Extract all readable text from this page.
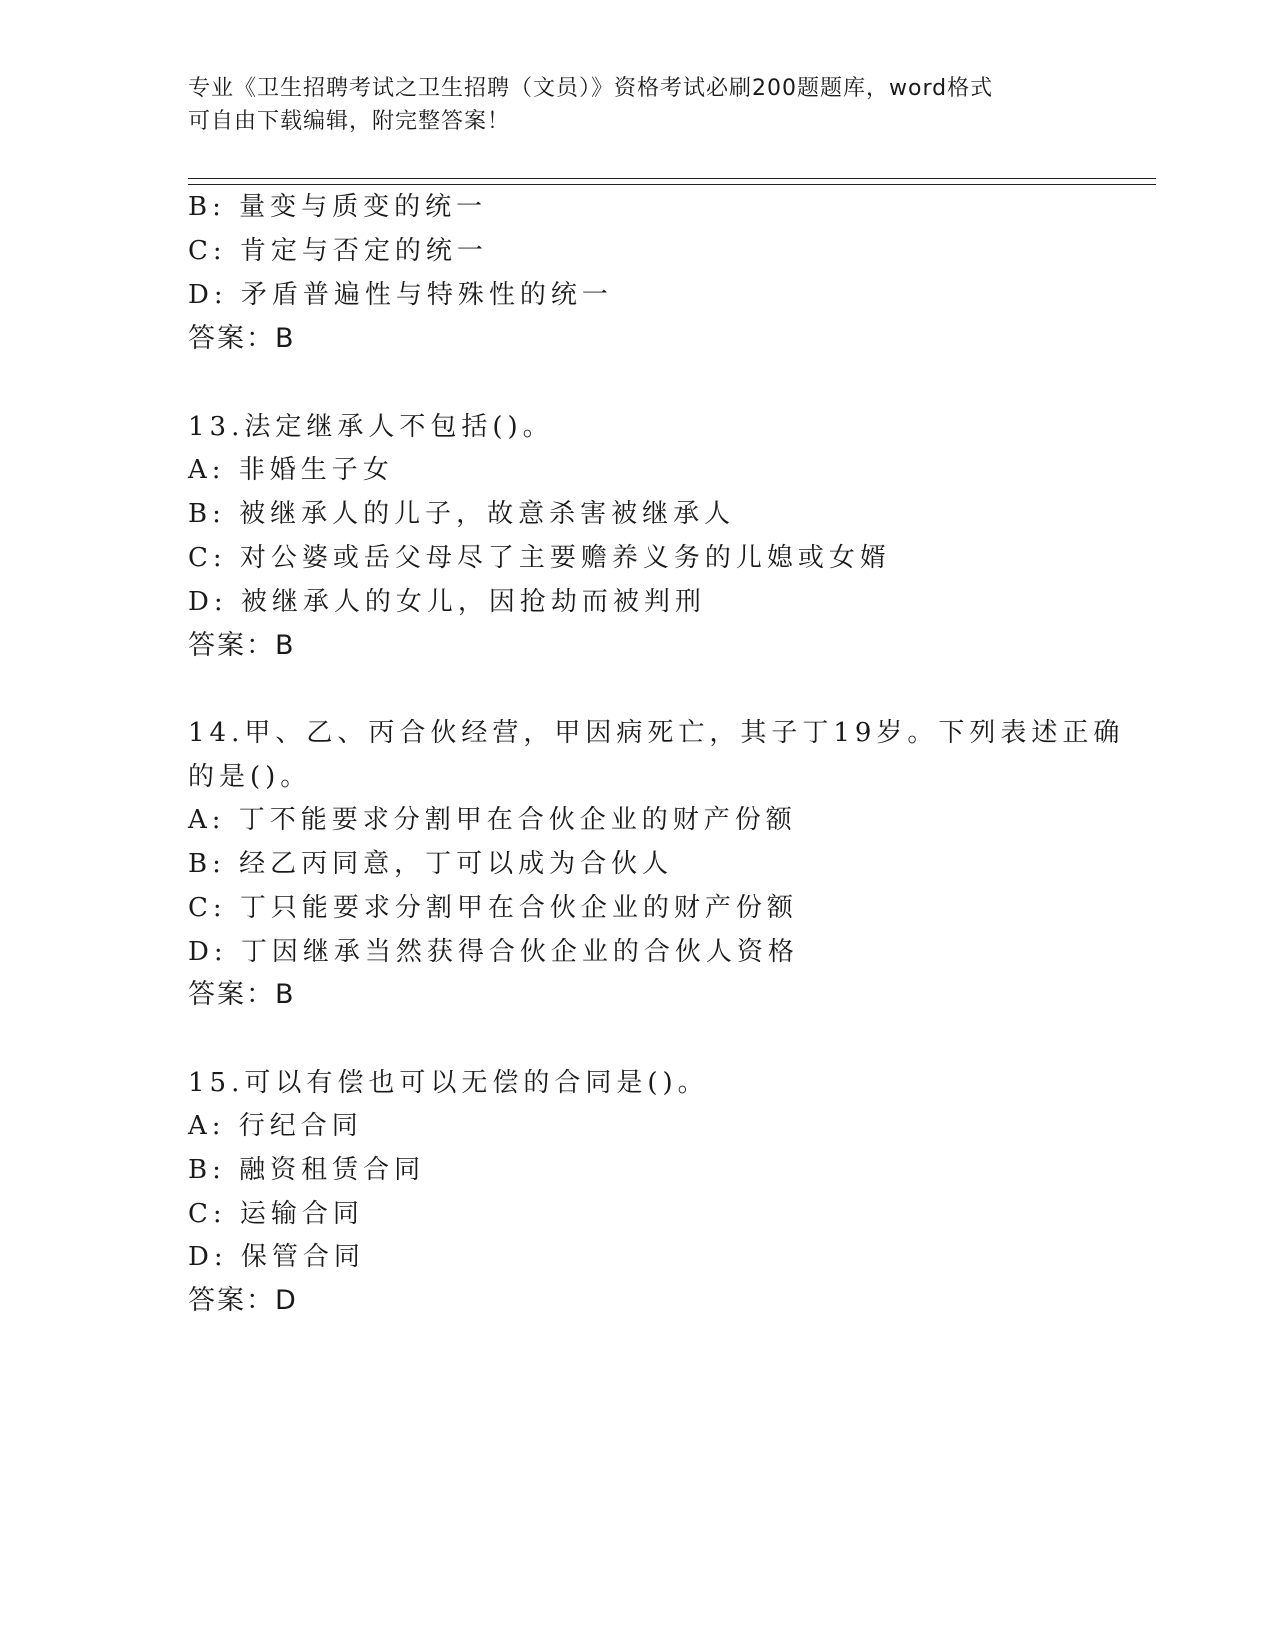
专业《卫生招聘考试之卫生招聘（文员）》资格考试必刷200题题库，word格式
可自由下载编辑，附完整答案！
B: 量变与质变的统一
C: 肯定与否定的统一
D: 矛盾普遍性与特殊性的统一
答案：B
13.法定继承人不包括()。
A: 非婚生子女
B: 被继承人的儿子，故意杀害被继承人
C: 对公婆或岳父母尽了主要赡养义务的儿媳或女婿
D: 被继承人的女儿，因抢劫而被判刑
答案：B
14.甲、乙、丙合伙经营，甲因病死亡，其子丁19岁。下列表述正确
的是()。
A: 丁不能要求分割甲在合伙企业的财产份额
B: 经乙丙同意，丁可以成为合伙人
C: 丁只能要求分割甲在合伙企业的财产份额
D: 丁因继承当然获得合伙企业的合伙人资格
答案：B
15.可以有偿也可以无偿的合同是()。
A: 行纪合同
B: 融资租赁合同
C: 运输合同
D: 保管合同
答案：D
